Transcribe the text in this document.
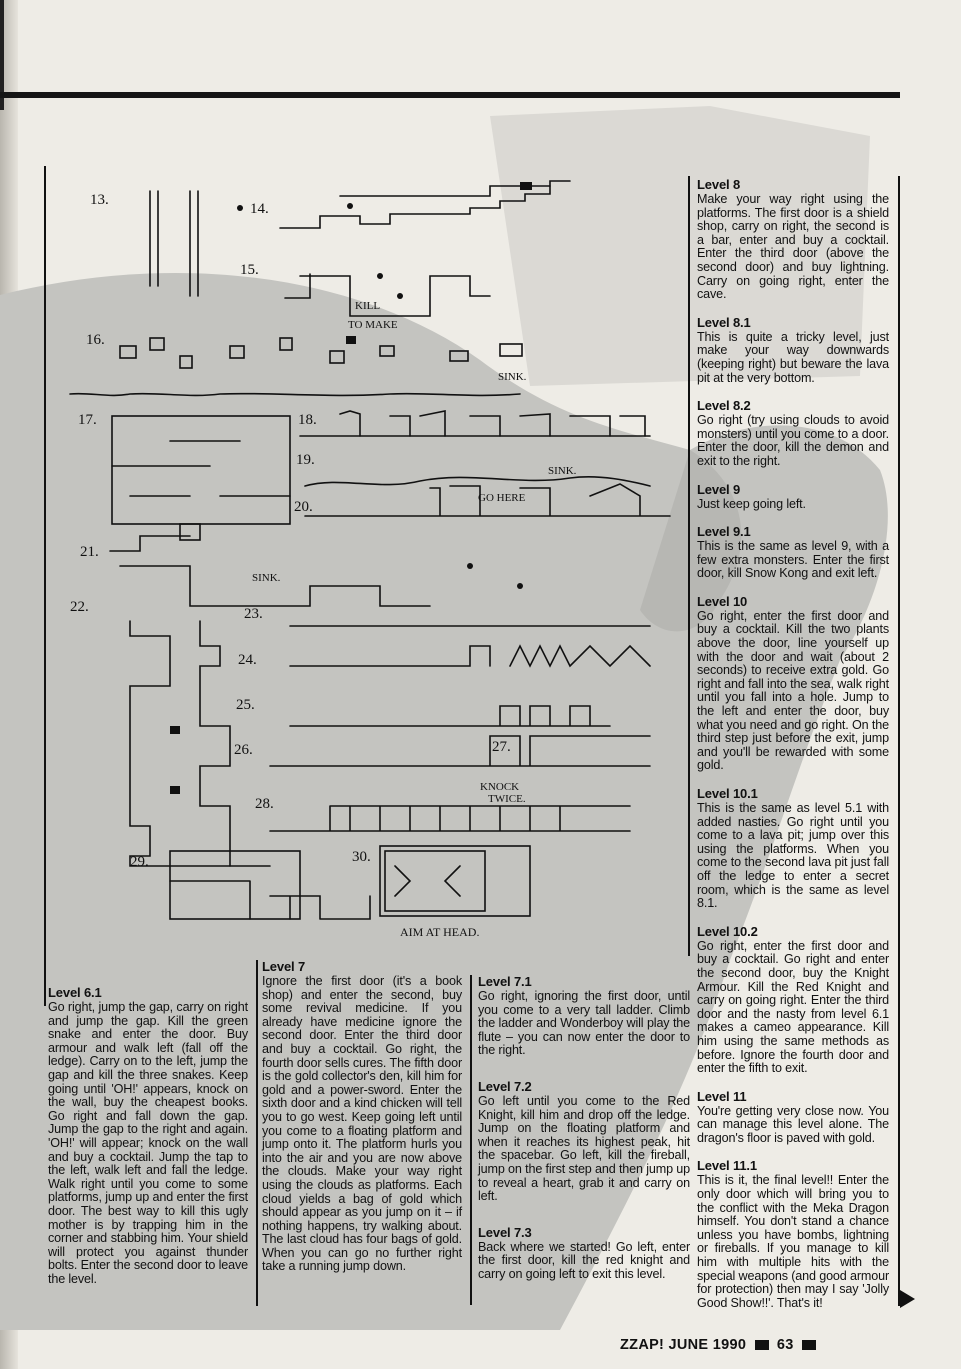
13.
14.
15.
16.
17.	18.
19.
20.
21.
22.	23.
24.
25.
26.	27.
28.
29.	30.
KILL
TO MAKE
SINK.
SINK.
GO HERE
SINK.
KNOCK
TWICE.
AIM AT HEAD.
Level 6.1

Go right, jump the gap, carry on right and jump the gap. Kill the green snake and enter the door. Buy armour and walk left (fall off the ledge). Carry on to the left, jump the gap and kill the three snakes. Keep going until 'OH!' appears, knock on the wall, buy the cheapest books. Go right and fall down the gap. Jump the gap to the right and again. 'OH!' will appear; knock on the wall and buy a cocktail. Jump the tap to the left, walk left and fall the ledge. Walk right until you come to some platforms, jump up and enter the first door. The best way to kill this ugly mother is by trapping him in the corner and stabbing him. Your shield will protect you against thunder bolts. Enter the second door to leave the level.

Level 7

Ignore the first door (it's a book shop) and enter the second, buy some revival medicine. If you already have medicine ignore the second door. Enter the third door and buy a cocktail. Go right, the fourth door sells cures. The fifth door is the gold collector's den, kill him for gold and a power-sword. Enter the sixth door and a kind chicken will tell you to go west. Keep going left until you come to a floating platform and jump onto it. The platform hurls you into the air and you are now above the clouds. Make your way right using the clouds as platforms. Each cloud yields a bag of gold which should appear as you jump on it – if nothing happens, try walking about. The last cloud has four bags of gold. When you can go no further right take a running jump down.

Level 7.1

Go right, ignoring the first door, until you come to a very tall ladder. Climb the ladder and Wonderboy will play the flute – you can now enter the door to the right.

Level 7.2

Go left until you come to the Red Knight, kill him and drop off the ledge. Jump on the floating platform and when it reaches its highest peak, hit the spacebar. Go left, kill the fireball, jump on the first step and then jump up to reveal a heart, grab it and carry on left.

Level 7.3

Back where we started! Go left, enter the first door, kill the red knight and carry on going left to exit this level.

Level 8

Make your way right using the platforms. The first door is a shield shop, carry on right, the second is a bar, enter and buy a cocktail. Enter the third door (above the second door) and buy lightning. Carry on going right, enter the cave.

Level 8.1

This is quite a tricky level, just make your way downwards (keeping right) but beware the lava pit at the very bottom.

Level 8.2

Go right (try using clouds to avoid monsters) until you come to a door. Enter the door, kill the demon and exit to the right.

Level 9

Just keep going left.

Level 9.1

This is the same as level 9, with a few extra monsters. Enter the first door, kill Snow Kong and exit left.

Level 10

Go right, enter the first door and buy a cocktail. Kill the two plants above the door, line yourself up with the door and wait (about 2 seconds) to receive extra gold. Go right and fall into the sea, walk right until you fall into a hole. Jump to the left and enter the door, buy what you need and go right. On the third step just before the exit, jump and you'll be rewarded with some gold.

Level 10.1

This is the same as level 5.1 with added nasties. Go right until you come to a lava pit; jump over this using the platforms. When you come to the second lava pit just fall off the ledge to enter a secret room, which is the same as level 8.1.

Level 10.2

Go right, enter the first door and buy a cocktail. Go right and enter the second door, buy the Knight Armour. Kill the Red Knight and carry on going right. Enter the third door and the nasty from level 6.1 makes a cameo appearance. Kill him using the same methods as before. Ignore the fourth door and enter the fifth to exit.

Level 11

You're getting very close now. You can manage this level alone. The dragon's floor is paved with gold.

Level 11.1

This is it, the final level!! Enter the only door which will bring you to the conflict with the Meka Dragon himself. You don't stand a chance unless you have bombs, lightning or fireballs. If you manage to kill him with multiple hits with the special weapons (and good armour for protection) then may I say 'Jolly Good Show!!'. That's it!

ZZAP! JUNE 1990 63
